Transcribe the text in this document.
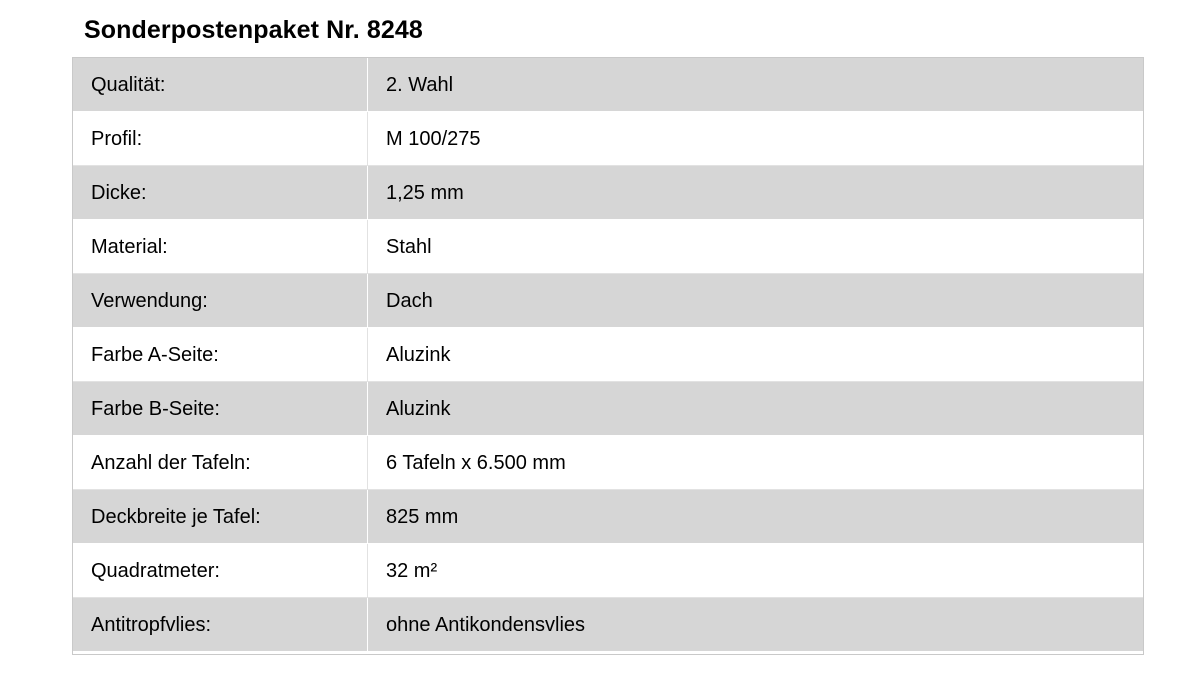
Sonderpostenpaket Nr. 8248
Qualität:	2. Wahl
Profil:	M 100/275
Dicke:	1,25 mm
Material:	Stahl
Verwendung:	Dach
Farbe A-Seite:	Aluzink
Farbe B-Seite:	Aluzink
Anzahl der Tafeln:	6 Tafeln x 6.500 mm
Deckbreite je Tafel:	825 mm
Quadratmeter:	32 m²
Antitropfvlies:	ohne Antikondensvlies
